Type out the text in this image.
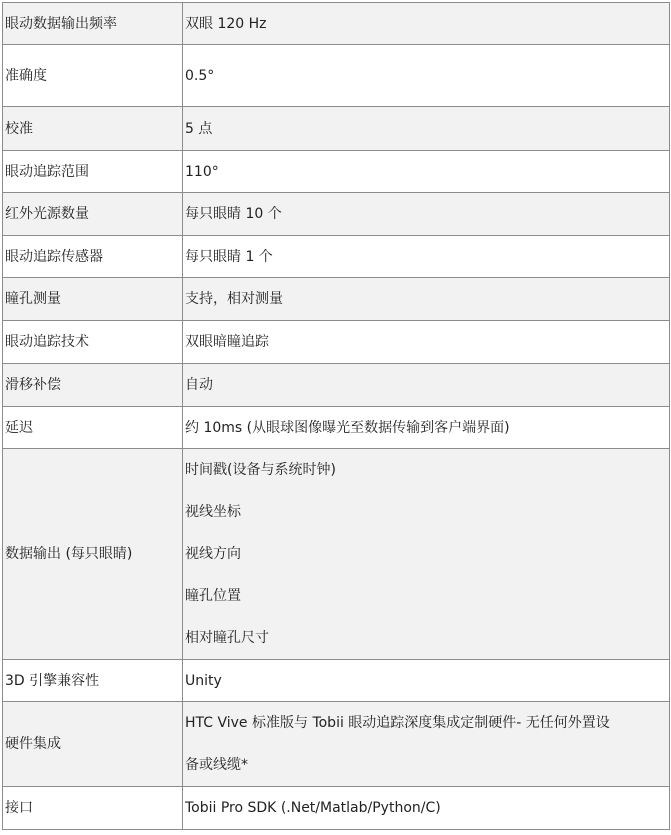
眼动数据输出频率	双眼 120 Hz
准确度	0.5°
校准	5 点
眼动追踪范围	110°
红外光源数量	每只眼睛 10 个
眼动追踪传感器	每只眼睛 1 个
瞳孔测量	支持，相对测量
眼动追踪技术	双眼暗瞳追踪
滑移补偿	自动
延迟	约 10ms (从眼球图像曝光至数据传输到客户端界面)
数据输出 (每只眼睛)	时间戳(设备与系统时钟)
视线坐标
视线方向
瞳孔位置
相对瞳孔尺寸

3D 引擎兼容性	Unity
硬件集成	HTC Vive 标准版与 Tobii 眼动追踪深度集成定制硬件- 无任何外置设
备或线缆*

接口	Tobii Pro SDK (.Net/Matlab/Python/C)
